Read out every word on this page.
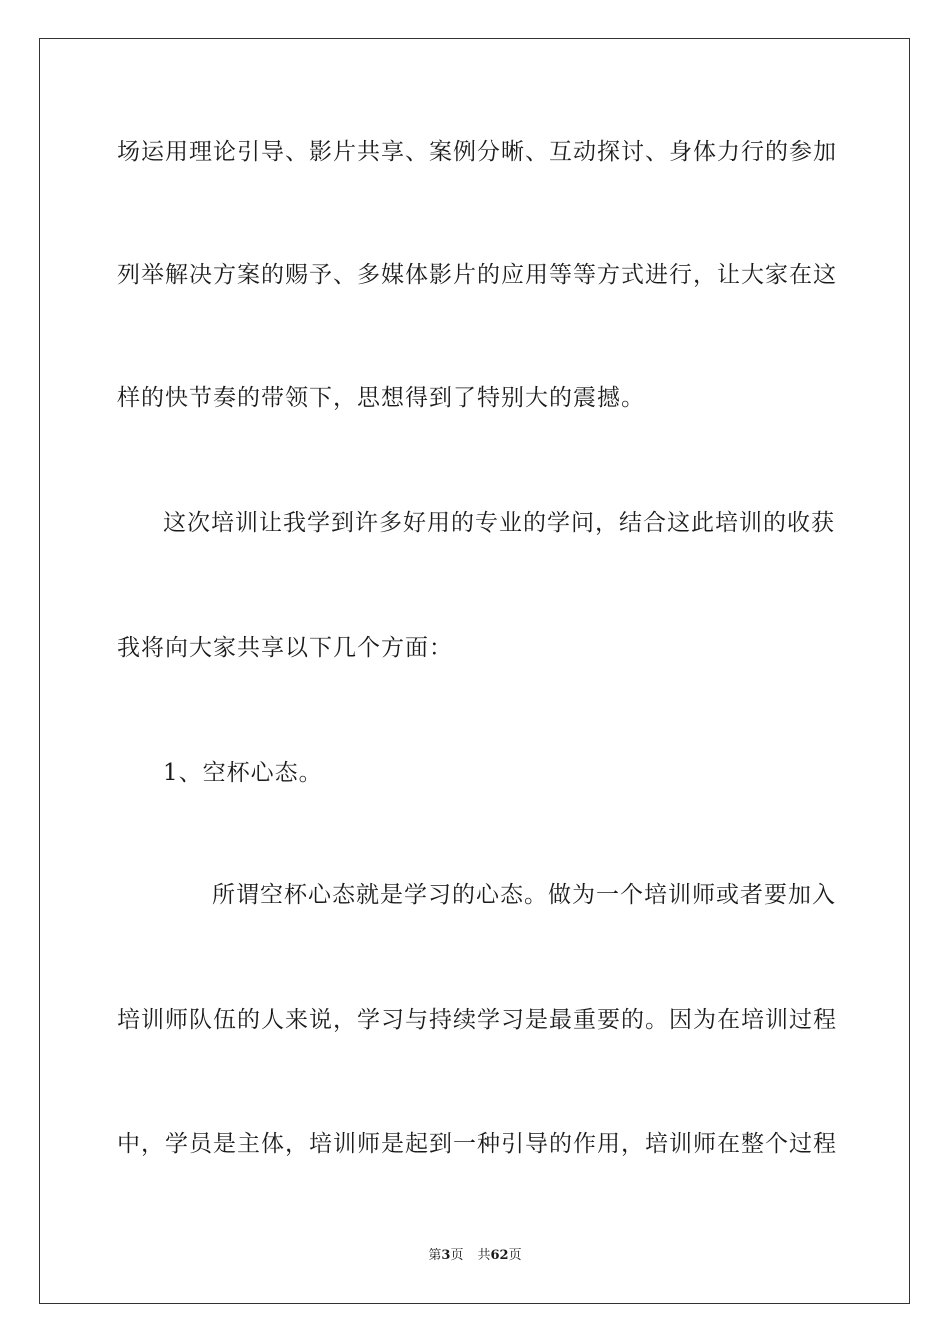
场运用理论引导、影片共享、案例分晰、互动探讨、身体力行的参加
列举解决方案的赐予、多媒体影片的应用等等方式进行，让大家在这
样的快节奏的带领下，思想得到了特别大的震撼。
这次培训让我学到许多好用的专业的学问，结合这此培训的收获
我将向大家共享以下几个方面：
1、空杯心态。
所谓空杯心态就是学习的心态。做为一个培训师或者要加入
培训师队伍的人来说，学习与持续学习是最重要的。因为在培训过程
中，学员是主体，培训师是起到一种引导的作用，培训师在整个过程
第3页 共62页
